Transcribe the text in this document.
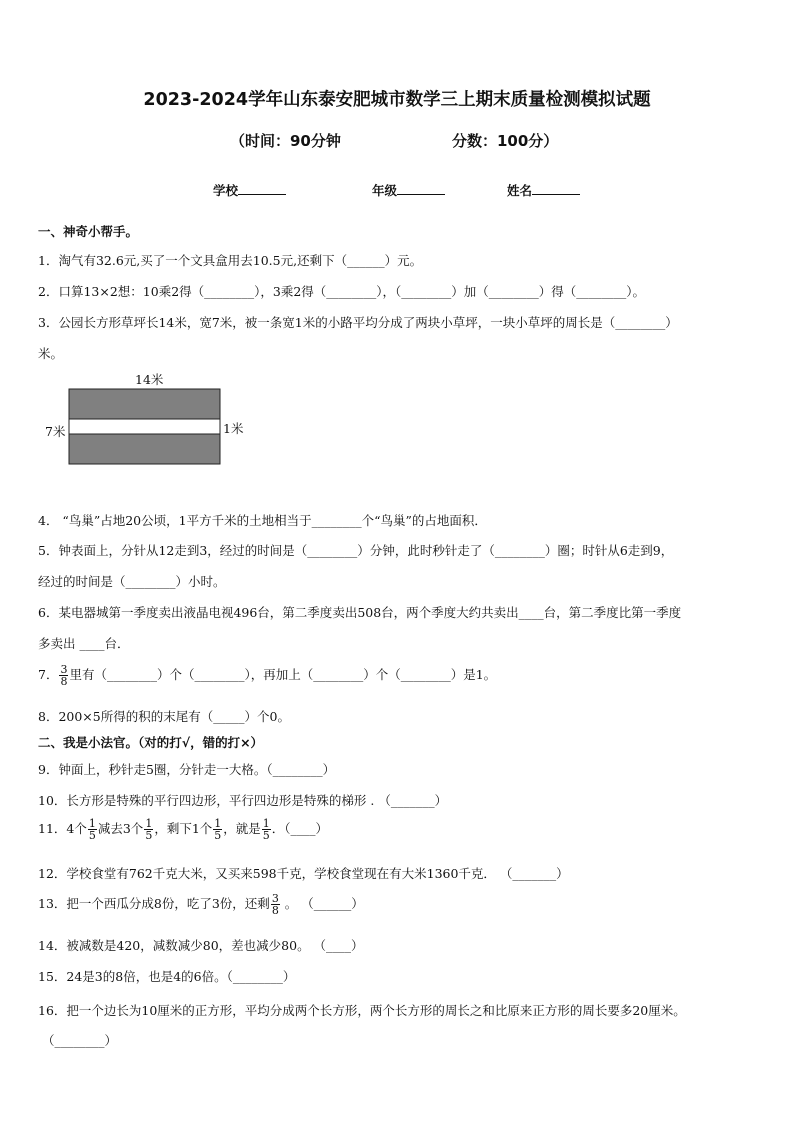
2023-2024学年山东泰安肥城市数学三上期末质量检测模拟试题
（时间：90分钟	分数：100分）
学校	年级	姓名
一、神奇小帮手。
1．淘气有32.6元,买了一个文具盒用去10.5元,还剩下（______）元。
2．口算13×2想：10乘2得（________），3乘2得（________），（________）加（________）得（________）。
3．公园长方形草坪长14米，宽7米，被一条宽1米的小路平均分成了两块小草坪，一块小草坪的周长是（________）
米。
14米
7米	1米
4． “鸟巢”占地20公顷，1平方千米的土地相当于________个“鸟巢”的占地面积．
5．钟表面上，分针从12走到3，经过的时间是（________）分钟，此时秒针走了（________）圈；时针从6走到9，
经过的时间是（________）小时。
6．某电器城第一季度卖出液晶电视496台，第二季度卖出508台，两个季度大约共卖出____台，第二季度比第一季度
多卖出 ____台．
7． $\frac{3}{8}$ 里有（________）个（________），再加上（________）个（________）是1。
8．200×5所得的积的末尾有（_____）个0。
二、我是小法官。（对的打√，错的打×）
9．钟面上，秒针走5圈，分针走一大格。（________）
10．长方形是特殊的平行四边形，平行四边形是特殊的梯形 . （_______）
11．4个 $\frac{1}{5}$ 减去3个 $\frac{1}{5}$ ，剩下1个 $\frac{1}{5}$ ，就是 $\frac{1}{5}$ ．（____）
12．学校食堂有762千克大米，又买来598千克，学校食堂现在有大米1360千克． （_______）
13．把一个西瓜分成8份，吃了3份，还剩 $\frac{3}{8}$ 。 （______）
14．被减数是420，减数减少80，差也减少80。 （____）
15．24是3的8倍，也是4的6倍。（________）
16．把一个边长为10厘米的正方形，平均分成两个长方形，两个长方形的周长之和比原来正方形的周长要多20厘米。
（________）
